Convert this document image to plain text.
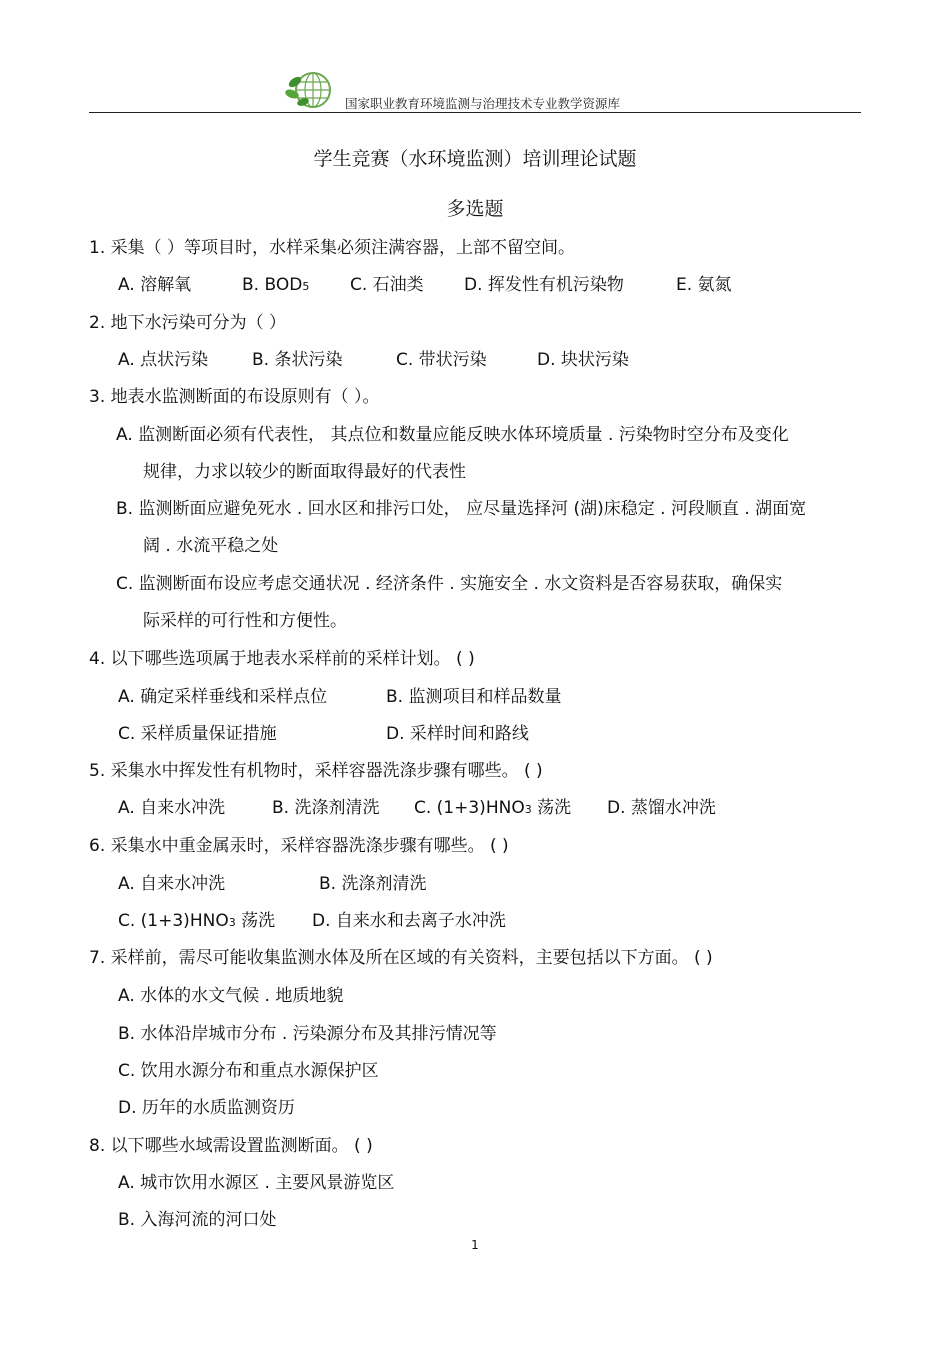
国家职业教育环境监测与治理技术专业教学资源库
学生竞赛（水环境监测）培训理论试题
多选题
1. 采集（ ）等项目时，水样采集必须注满容器，上部不留空间。
A. 溶解氧	B. BOD5 C. 石油类 D. 挥发性有机污染物	E. 氨氮
2. 地下水污染可分为（ ）
A. 点状污染	B. 条状污染	C. 带状污染	D. 块状污染
3. 地表水监测断面的布设原则有（ ）。
A. 监测断面必须有代表性， 其点位和数量应能反映水体环境质量 . 污染物时空分布及变化
规律，力求以较少的断面取得最好的代表性
B. 监测断面应避免死水 . 回水区和排污口处， 应尽量选择河 (湖)床稳定 . 河段顺直 . 湖面宽
阔 . 水流平稳之处
C. 监测断面布设应考虑交通状况 . 经济条件 . 实施安全 . 水文资料是否容易获取，确保实
际采样的可行性和方便性。
4. 以下哪些选项属于地表水采样前的采样计划。 ( )
A. 确定采样垂线和采样点位	B. 监测项目和样品数量
C. 采样质量保证措施	D. 采样时间和路线
5. 采集水中挥发性有机物时，采样容器洗涤步骤有哪些。 ( )
A. 自来水冲洗	B. 洗涤剂清洗 C. (1+3)HNO3 荡洗 D. 蒸馏水冲洗
6. 采集水中重金属汞时，采样容器洗涤步骤有哪些。 ( )
A. 自来水冲洗	B. 洗涤剂清洗
C. (1+3)HNO3 荡洗 D. 自来水和去离子水冲洗
7. 采样前，需尽可能收集监测水体及所在区域的有关资料，主要包括以下方面。 ( )
A. 水体的水文气候 . 地质地貌
B. 水体沿岸城市分布 . 污染源分布及其排污情况等
C. 饮用水源分布和重点水源保护区
D. 历年的水质监测资历
8. 以下哪些水域需设置监测断面。 ( )
A. 城市饮用水源区 . 主要风景游览区
B. 入海河流的河口处
1
